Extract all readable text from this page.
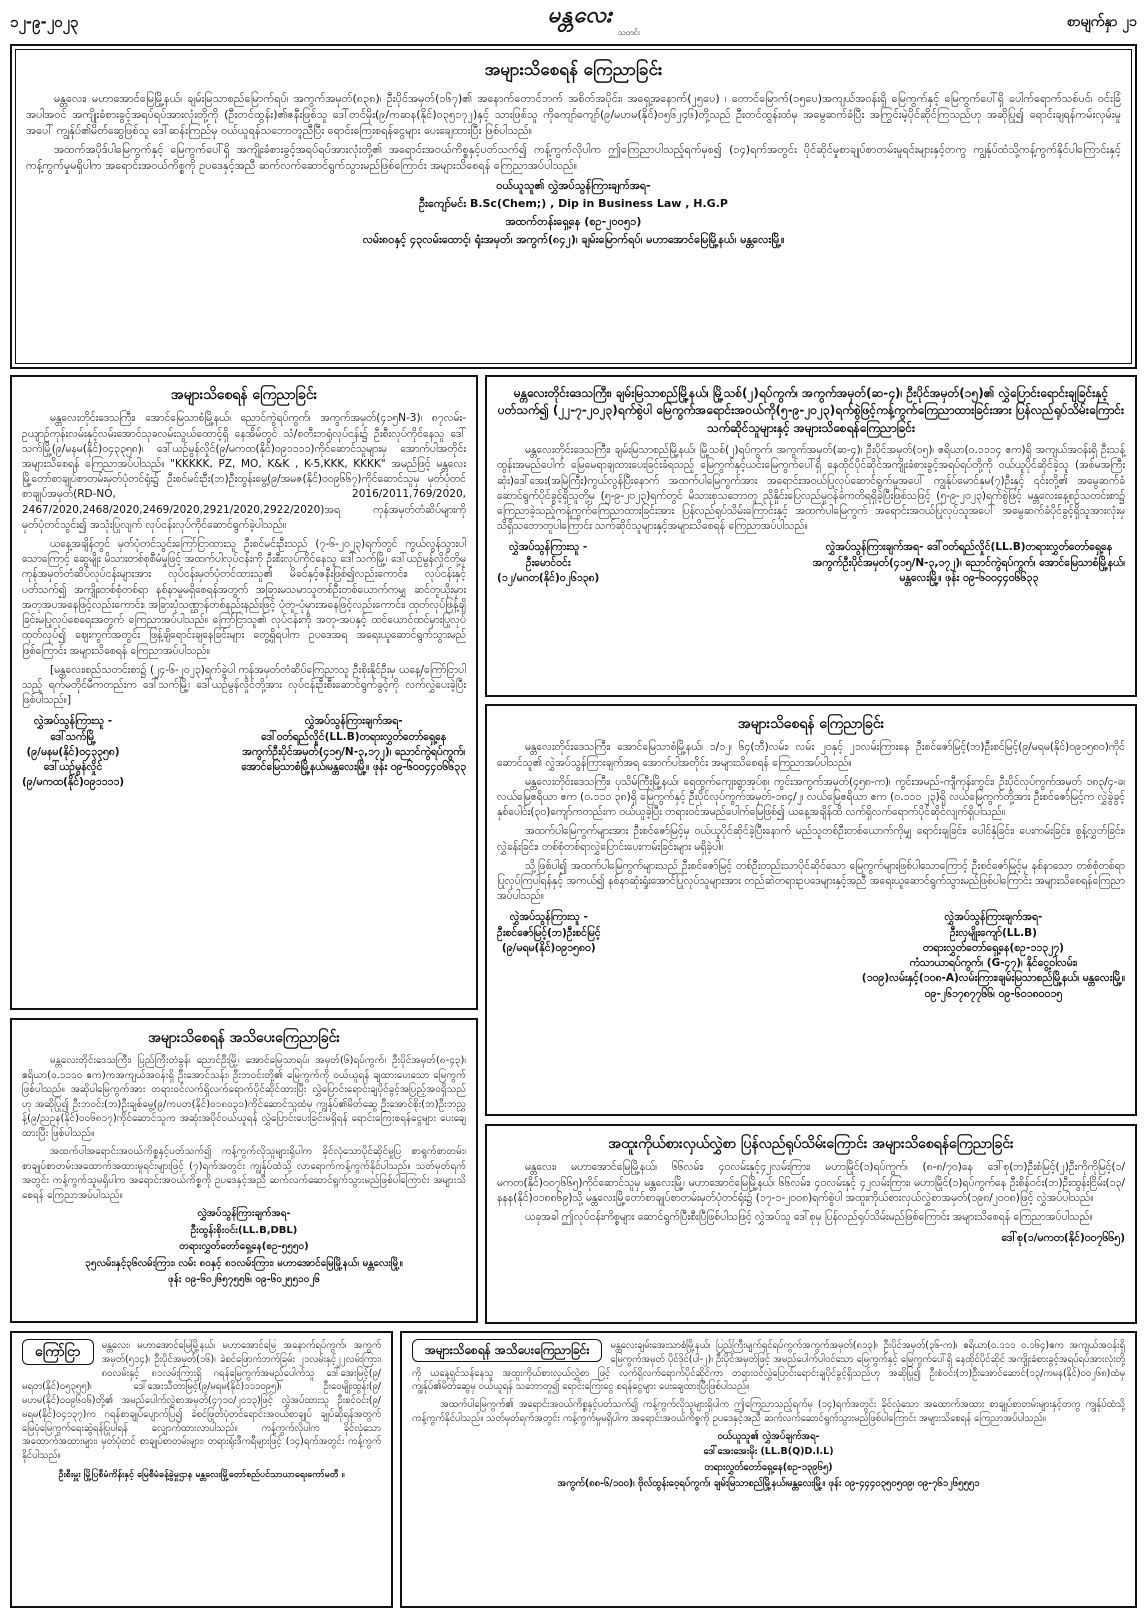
၁၂-၉-၂၀၂၃	မန္တလေး
သတင်း
စာမျက်နှာ ၂၁
အများသိစေရန် ကြေညာခြင်း

မန္တလေး၊ မဟာအောင်မြေမြို့နယ်၊ ချမ်းမြသာစည်မြောက်ရပ်၊ အကွက်အမှတ်(၈၃၈)၊ ဦးပိုင်အမှတ်(၁၆၇)၏ အနောက်တောင်ဘက် အစိတ်အပိုင်း၊ အရှေ့အနောက်(၂၅ပေ) ၊ တောင်မြောက်(၁၅ပေ)အကျယ်အဝန်းရှိ မြေကွက်နှင့် မြေကွက်ပေါ်ရှိ ပေါက်ရောက်သစ်ပင်၊ ဝင်းခြံအပါအဝင် အကျိုးခံစားခွင့်အရပ်ရပ်အားလုံးတို့ကို (ဦးတင်ထွန်း)၏ဇနီးဖြစ်သူ ဒေါ်တင်မိုး(၉/ကဆန(နိုင်)၀၃၅၁၇၂)နှင့် သားဖြစ်သူ ကိုကျော်ကျော်(၉/မဟမ(နိုင်)၀၅၆၂၄၆)တို့သည် ဦးတင်ထွန်းထံမှ အမွေဆက်ခံပြီး အကြွင်းမဲ့ပိုင်ဆိုင်ကြသည်ဟု အဆိုပြု၍ ရောင်းချရန်ကမ်းလှမ်းမှုအပေါ် ကျွန်ုပ်၏မိတ်ဆွေဖြစ်သူ ဒေါ်ဆန်းကြည်မှ ဝယ်ယူရန်သဘောတူညီပြီး ရောင်းကြေးစရန်ငွေများ ပေးချေထားပြီး ဖြစ်ပါသည်။

အထက်အပိုဒ်ပါမြေကွက်နှင့် မြေကွက်ပေါ်ရှိ အကျိုးခံစားခွင့်အရပ်ရပ်အားလုံးတို့၏ အရောင်းအဝယ်ကိစ္စနှင့်ပတ်သက်၍ ကန့်ကွက်လိုပါက ဤကြေညာပါသည့်ရက်မှစ၍ (၁၄)ရက်အတွင်း ပိုင်ဆိုင်မှုစာချုပ်စာတမ်းမူရင်းများနှင့်တကွ ကျွန်ုပ်ထံသို့ကန့်ကွက်နိုင်ပါကြောင်းနှင့် ကန့်ကွက်မှုမရှိပါက အရောင်းအဝယ်ကိစ္စကို ဥပဒေနှင့်အညီ ဆက်လက်ဆောင်ရွက်သွားမည်ဖြစ်ကြောင်း အများသိစေရန် ကြေညာအပ်ပါသည်။

ဝယ်ယူသူ၏ လွှဲအပ်သွန်ကြားချက်အရ-
ဦးကျော်မင်း B.Sc(Chem;) , Dip in Business Law , H.G.P
အထက်တန်းရှေ့နေ (စဥ-၂၀၀၅၁)
လမ်း၈၀နှင့် ၄၃လမ်းထောင့်၊ ရုံးအမှတ်၊ အကွက်(၈၄၂)၊ ချမ်းမြောက်ရပ်၊ မဟာအောင်မြေမြို့နယ်၊ မန္တလေးမြို့။
အများသိစေရန် ကြေညာခြင်း

မန္တလေးတိုင်းဒေသကြီး၊ အောင်မြေသာစံမြို့နယ်၊ ညောင်ကွဲရပ်ကွက်၊ အကွက်အမှတ်(၄၁၅N-3)၊ ၈၇လမ်း-ဥယျာဉ်ကုန်းလမ်းနှင့်လမ်းအောင်သုခလမ်းသွယ်ထောင့်ရှိ နေအိမ်တွင် သံ/စတီးဘရုံလုပ်ငန်း၌ ဦးစီးလုပ်ကိုင်နေသူ ဒေါ်သက်မြို့(၉/မနမ(နိုင်)၀၄၃၃၅၈)၊ ဒေါ်ယဉ်မွန်လှိုင်(၉/မကထ(နိုင်)၀၉၁၁၁၁)ကိုင်ဆောင်သူများမှ အောက်ပါအတိုင်းအများသိစေရန် ကြေညာအပ်ပါသည်။ "KKKKK, PZ, MO, K&K , K-5,KKK, KKKK" အမည်ဖြင့် မန္တလေးမြို့တော်စာချုပ်စာတမ်းမှတ်ပုံတင်ရုံး၌ ဦးစင်မင်းဦး(ဘ)ဦးထွန်းမွေ့(၉/အမဇ(နိုင်)၀၀၉၆၆၇)ကိုင်ဆောင်သူမှ မှတ်ပုံတင်စာချုပ်အမှတ်(RD-NO, 2016/2011,769/2020, 2467/2020,2468/2020,2469/2020,2921/2020,2922/2020)အရ ကုန်အမှတ်တံဆိပ်များကို မှတ်ပုံတင်သွင်း၍ အသုံးပြုလျက် လုပ်ငန်းလုပ်ကိုင်ဆောင်ရွက်ခဲ့ပါသည်။

ယနေ့အချိန်တွင် မှတ်ပုံတင်သွင်းကြော်ငြာထားသူ ဦးစင်မင်းဦးသည် (၇-၆-၂၀၂၃)ရက်တွင် ကွယ်လွန်သွားပါသောကြောင့် ဆွေမျိုး မိသားတစ်စုစီမံမှုဖြင့် အထက်ပါလုပ်ငန်းကို ဦးစီးလုပ်ကိုင်နေသူ ဒေါ်သက်မြို့၊ ဒေါ်ယဉ်မွန်လှိုင်တို့မှ ကုန်အမှတ်တံဆိပ်လုပ်ငန်းများအား လုပ်ငန်းမှတ်ပုံတင်ထားသူ၏ မိခင်နှင့်ဇနီးဖြစ်၍လည်းကောင်း၊ လုပ်ငန်းနှင့်ပတ်သက်၍ အကျိုးတစ်စုံတစ်ရာ နစ်နာမှုမရှိစေရန်အတွက် အခြားမသမာသူတစ်ဦးတစ်ယောက်ကမျှ ဆင်တူယိုးမှားအတုအပအနေဖြင့်လည်းကောင်း၊ အခြားပုံသဏ္ဌာန်တစ်နည်းနည်းဖြင့် ပုံတူ-ပုံမှားအနေဖြင့်လည်းကောင်း၊ ထုတ်လုပ်ဖြန့်ချိခြင်းမပြုလုပ်စေရေးအတွက် ကြေညာအပ်ပါသည်။ ကြော်ငြာသူ၏ လုပ်ငန်းကို အတု-အပနှင့် ထင်ယောင်ထင်မှားပြုလုပ်ထုတ်လုပ်၍ ဈေးကွက်အတွင်း ဖြန့်ချိရောင်းချနေခြင်းများ တွေ့ရှိရပါက ဥပဒေအရ အရေးယူဆောင်ရွက်သွားမည်ဖြစ်ကြောင်း အများသိစေရန် ကြေညာအပ်ပါသည်။

[မန္တလေး၊စည်သတင်းစာ၌ (၂၄-၆-၂၀၂၃)ရက်ခွဲပါ ကုန်အမှတ်တံဆိပ်ကြေညာသူ ဦးစိုးနိုင်ဦးမှ ယနေ့/ကြော်ငြာပါသည့် ရက်မတိုင်မီကတည်းက ဒေါ်သက်မြို့၊ ဒေါ်ယဉ်မွန်လှိုင်တို့အား လုပ်ငန်းဦးစီးဆောင်ရွက်ခွင့်ကို လက်လွှဲပေးခဲ့ပြီး ဖြစ်ပါသည်။]

လွှဲအပ်သွန်ကြားသူ -
ဒေါ်သက်မြို့
(၉/မနမ(နိုင်)၀၄၃၃၅၈)
ဒေါ်ယဉ်မွန်လှိုင်
(၉/မကထ(နိုင်)၀၉၁၁၁၁)
လွှဲအပ်သွန်ကြားချက်အရ-
ဒေါ်ဝတ်ရည်လှိုင်(LL.B)တရားလွှတ်တော်ရှေ့နေ
အကွက်ဦးပိုင်အမှတ်(၄၁၅/N-၃,၁၇၂)၊ ညောင်ကွဲရပ်ကွက်၊
အောင်မြေသာစံမြို့နယ်၊မန္တလေးမြို့။ ဖုန်း ၀၉-၆၀၀၄၄၀၆၆၃၃
အများသိစေရန် အသိပေးကြေညာခြင်း

မန္တလေးတိုင်းဒေသကြီး၊ ပြည်ကြီးတံခွန်၊ ညောင်ဦးမြို့၊ အောင်မြေသာရပ်၊ အမှတ်(၆)ရပ်ကွက်၊ ဦးပိုင်အမှတ်(၈-၄၃)၊ ဧရိယာ(၀.၁၁၁၀ ဧက)ကအကျယ်အဝန်းရှိ ဦးအောင်သန်း၊ ဦးဘဝင်းတို့၏ မြေကွက်ကို ဝယ်ယူရန် ချထားပေးသော မြေကွက်ဖြစ်ပါသည်။ အဆိုပါမြေကွက်အား တရားဝင်လက်ရှိလက်ရောက်ပိုင်ဆိုင်ထားပြီး လွှဲပြောင်းရောင်းချပိုင်ခွင့်အပြည့်အဝရှိသည်ဟု အဆိုပြု၍ ဦးဘဝင်း(ဘ)ဦးချစ်မွေ့(၉/ကပတ(နိုင်)၀၁၈၀၃၁)ကိုင်ဆောင်သူထံမှ ကျွန်ုပ်၏မိတ်ဆွေ ဦးအောင်စိုး(ဘ)ဦးဘညွှန့်(၉/ညဥန(နိုင်)၀၀၆၈၁၇)ကိုင်ဆောင်သူက အဆုံးအပိုင်ဝယ်ယူရန် လွှဲပြောင်းပေးခြင်းမရှိရန် ရောင်းကြေးစရန်ငွေများ ပေးချေထားပြီး ဖြစ်ပါသည်။

အထက်ပါအရောင်းအဝယ်ကိစ္စနှင့်ပတ်သက်၍ ကန့်ကွက်လိုသူများရှိပါက ခိုင်လုံသောပိုင်ဆိုင်မှုပြ စာရွက်စာတမ်း၊ စာချုပ်စာတမ်းအထောက်အထားမူရင်းများဖြင့် (၇)ရက်အတွင်း ကျွန်ုပ်ထံသို့ လာရောက်ကန့်ကွက်နိုင်ပါသည်။ သတ်မှတ်ရက်အတွင်း ကန့်ကွက်သူမရှိပါက အရောင်းအဝယ်ကိစ္စကို ဥပဒေနှင့်အညီ ဆက်လက်ဆောင်ရွက်သွားမည်ဖြစ်ပါကြောင်း အများသိစေရန် ကြေညာအပ်ပါသည်။

လွှဲအပ်သွန်ကြားချက်အရ-
ဦးထွန်းစိုးဝင်း(LL.B,DBL)
တရားလွှတ်တော်ရှေ့နေ(စဥ-၅၅၅၀)
၃၅လမ်း၊နှင့်၃၆လမ်းကြား၊ လမ်း ၈၀နှင့် ၈၁လမ်းကြား၊ မဟာအောင်မြေမြို့နယ်၊ မန္တလေးမြို့။
ဖုန်း ၀၉-၆၀၂၆၅၇၅၅၆၊ ၀၉-၆၀၂၅၅၁၀၂၆
မန္တလေးတိုင်းဒေသကြီး၊ ချမ်းမြသာစည်မြို့နယ်၊ မြို့သစ်(၂)ရပ်ကွက်၊ အကွက်အမှတ်(ဆ-၄)၊ ဦးပိုင်အမှတ်(၁၅)၏ လွှဲပြောင်းရောင်းချခြင်းနှင့် ပတ်သက်၍ (၂၂-၇-၂၀၂၃)ရက်စွဲပါ မြေကွက်အရောင်းအဝယ်ကို(၅-၉-၂၀၂၃)ရက်စွဲဖြင့်ကန့်ကွက်ကြေညာထားခြင်းအား ပြန်လည်ရုပ်သိမ်းကြောင်း သက်ဆိုင်သူများနှင့် အများသိစေရန်ကြေညာခြင်း

မန္တလေးတိုင်းဒေသကြီး၊ ချမ်းမြသာစည်မြို့နယ်၊ မြို့သစ်(၂)ရပ်ကွက်၊ အကွက်အမှတ်(ဆ-၄)၊ ဦးပိုင်အမှတ်(၁၅)၊ ဧရိယာ(၀.၁၁၁၄ ဧက)ရှိ အကျယ်အဝန်းရှိ ဦးသန့်ထွန်းအမည်ပေါက် မြေမေရာချထားပေးခြင်းခံရသည့် မြေကွက်နှင့်ယင်းမြေကွက်ပေါ်ရှိ နေထိုင်ပိုင်ဆိုင်အကျိုးခံစားခွင့်အရပ်ရပ်တို့ကို ဝယ်ယူပိုင်ဆိုင်ခဲ့သူ (အစ်မအကြီးဆုံး)ဒေါ်အေး(အမြဲကြီး)ကွယ်လွန်ပြီးနောက် အထက်ပါမြေကွက်အား အရောင်းအဝယ်ပြုလုပ်ဆောင်ရွက်မှုအပေါ် ကျွန်ုပ်မောင်နှမ(၇)ဦးနှင့် ၎င်းတို့၏ အမွေဆက်ခံဆောင်ရွက်ပိုင်ခွင့်ရှိသူတို့မှ (၅-၉-၂၀၂၃)ရက်တွင် မိသားစုသဘောတူ ညှိနှိုင်းပြေလည်မှုဝန်ခံကတိရရှိခဲ့ပြီးဖြစ်သဖြင့် (၅-၉-၂၀၂၃)ရက်စွဲဖြင့် မန္တလေးနေ့စဉ်သတင်းစာ၌ ကြေညာခဲ့သည့်ကန့်ကွက်ကြေညာထားခြင်းအား ပြန်လည်ရုပ်သိမ်းကြောင်းနှင့် အထက်ပါမြေကွက် အရောင်းအဝယ်ပြုလုပ်သူအပေါ် အမွေဆက်ခံပိုင်ခွင့်ရှိသူအားလုံးမှ သိရှိသဘောတူပါကြောင်း သက်ဆိုင်သူများနှင့်အများသိစေရန် ကြေညာအပ်ပါသည်။

လွှဲအပ်သွန်ကြားသူ -
ဦးမောင်ဝင်း
(၁၂/မဂတ(နိုင်)၀၂၆၁၃၈)
လွှဲအပ်သွန်ကြားချက်အရ- ဒေါ်ဝတ်ရည်လှိုင်(LL.B)တရားလွှတ်တော်ရှေ့နေ
အကွက်ဦးပိုင်အမှတ်(၄၁၅/N-၃,၁၇၂)၊ ညောင်ကွဲရပ်ကွက်၊ အောင်မြေသာစံမြို့နယ်၊
မန္တလေးမြို့။ ဖုန်း ၀၉-၆၀၀၄၄၀၆၆၃၃
အများသိစေရန် ကြေညာခြင်း

မန္တလေးတိုင်းဒေသကြီး၊ အောင်မြေသာစံမြို့နယ်၊ ၁/၁၂၊ ၆၄(ဘီ)လမ်း၊ လမ်း ၂၀နှင့် ၂၁လမ်းကြားနေ ဦးစင်ဇော်မြင့်(ဘ)ဦးစင်မြင့်(၉/မရမ(နိုင်)၀၉၁၅၈၀)ကိုင်ဆောင်သူ၏ လွှဲအပ်သွန်ကြားချက်အရ အောက်ပါအတိုင်း အများသိစေရန် ကြေညာအပ်ပါသည်။

မန္တလေးတိုင်းဒေသကြီး၊ ပုသိမ်ကြီးမြို့နယ်၊ ရေထွက်ကျေးရွာအုပ်စု၊ ကွင်းအကွက်အမှတ်(၄၅၈-က)၊ ကွင်းအမည်-ကျီကုန်းကွင်း၊ ဦးပိုင်လုပ်ကွက်အမှတ် ၁၈၃/၄-ခ၊ လယ်မြေဧရိယာ ဧက (၀.၁၁၁ ၃၈)ရှိ မြေကွက်နှင့် ဦးပိုင်လုပ်ကွက်အမှတ်-၁၈၄/၂၊ လယ်မြေဧရိယာ ဧက (၀.၁၁၁ ၂၃)ရှိ လယ်မြေကွက်တို့အား ဦးစင်ဇော်မြင့်က လွှဲခွဲခွင့် နှစ်ပေါင်း(၃၀)ကျော်ကတည်းက ဝယ်ယူခဲ့ပြီး တရားဝင်အမည်ပေါက်မြေဖြစ်၍ ယနေ့အချိန်ထိ လက်ရှိလက်ရောက်ပိုင်ဆိုင်လျက်ရှိပါသည်။

အထက်ပါမြေကွက်များအား ဦးစင်ဇော်မြင့်မှ ဝယ်ယူပိုင်ဆိုင်ခဲ့ပြီးနောက် မည်သူတစ်ဦးတစ်ယောက်ကိုမျှ ရောင်းချခြင်း၊ ပေါင်နှံခြင်း၊ ပေးကမ်းခြင်း၊ စွန့်လွှတ်ခြင်း၊ လွှဲခန်းခြင်း၊ တစ်စုံတစ်ရာလွှဲပြောင်းပေးကမ်းခြင်းများ မရှိခဲ့ပါ။

သို့ဖြစ်ပါ၍ အထက်ပါမြေကွက်များသည် ဦးစင်ဇော်မြင့် တစ်ဦးတည်းသာပိုင်ဆိုင်သော မြေကွက်များဖြစ်ပါသောကြောင့် ဦးစင်ဇော်မြင့်မှ နစ်နာသော တစ်စုံတစ်ရာပြုလုပ်ကြပါရန်နှင့် အကယ်၍ နစ်နာဆုံးရှုံးအောင်ပြုလုပ်သူများအား တည်ဆဲတရားဥပဒေများနှင့်အညီ အရေးယူဆောင်ရွက်သွားမည်ဖြစ်ပါကြောင်း အများသိစေရန်ကြေညာအပ်ပါသည်။

လွှဲအပ်သွန်ကြားသူ -
ဦးစင်ဇော်မြင့်(ဘ)ဦးစင်မြင့်
(၉/မရမ(နိုင်)၀၉၁၅၈၀)
လွှဲအပ်သွန်ကြားချက်အရ-
ဦးလှမျိုးကျော်(LL.B)
တရားလွှတ်တော်ရှေ့နေ(စဥ-၁၁၃၂၇)
ကံသာယာရပ်ကွက်၊ (G-၄၇)၊ နိုင်ငွေ့ဝါလမ်း၊
(၁၀၉)လမ်းနှင့်(၁၀၈-A)လမ်းကြား၊ချမ်းမြသာစည်မြို့နယ်၊ မန္တလေးမြို့။
၀၉-၂၆၁၇၈၇၇၆၆၊ ၀၉-၆၀၁၈၀၀၁၅
အထူးကိုယ်စားလှယ်လွှဲစာ ပြန်လည်ရုပ်သိမ်းကြောင်း အများသိစေရန်ကြေညာခြင်း

မန္တလေး၊ မဟာအောင်မြေမြို့နယ်၊ ၆၆လမ်း၊ ၄၀လမ်းနှင့်၄၂လမ်းကြား၊ မဟာမြိုင်(၁)ရပ်ကွက်၊ (၈-၈/၇၀)နေ ဒေါ်စု(ဘ)ဦးစံမြင့်(၂)ဦးကိုကိုမြင့်(၁/မကတ(နိုင်)၀၀၇၆၆၅)ကိုင်ဆောင်သူမှ မန္တလေးမြို့၊ မဟာအောင်မြေမြို့နယ်၊ ၆၆လမ်း၊ ၄၀လမ်းနှင့် ၄၂လမ်းကြား၊ မဟာမြိုင်(၁)ရပ်ကွက်နေ ဦးစိန်ဝင်း(ဘ)ဦးထွန်းငြိမ်း(၁၃/နနန(နိုင်)၀၁၈၈၆၉)သို့ မန္တလေးမြို့တော်စာချုပ်စာတမ်းမှတ်ပုံတင်ရုံး၌ (၁၇-၁-၂၀၀၈)ရက်စွဲပါ အထူးကိုယ်စားလှယ်လွှဲစာအမှတ်(၁၉၈/၂၀၀၈)ဖြင့် လွှဲအပ်ပါသည်။

ယခုအခါ ဤလုပ်ငန်းကိစ္စများ ဆောင်ရွက်ပြီးစီးပြီဖြစ်ပါသဖြင့် လွှဲအပ်သူ ဒေါ်စုမှ ပြန်လည်ရုပ်သိမ်းမည်ဖြစ်ကြောင်း အများသိစေရန် ကြေညာအပ်ပါသည်။

ဒေါ်စု(၁/မကတ(နိုင်)၀၀၇၆၆၅)
ကြော်ငြာ	မန္တလေး၊ မဟာအောင်မြေမြို့နယ်၊ မဟာအောင်မြေ အနောက်ရပ်ကွက်၊ အကွက်အမှတ်(၅၁၄)၊ ဦးပိုင်အမှတ်(၁၆)၊ ခဲစင်ဖြောက်ဘက်ခြမ်း ၂၁လမ်းနှင့်၂၂လမ်းကြား၊ ၈၀လမ်းနှင့် ၈၁လမ်းကြားရှိ ဂရန်မြေကွက်အမည်ပေါက်သူ ဒေါ်အေးမြင့်(၉/မရတ(နိုင်)၀၅၃၅၅)၊ ဒေါ်အေးသီတာမြင့်(၉/မရမ(နိုင်)၁၁၁၀၉၅)၊ ဦးဝေမျိုးထွန်း(၉/မဟမ(နိုင်)၀၀၉၆၀၆)တို့၏ အမည်ပေါက်လွှဲစာအမှတ်(၄၇၁၀/၂၀၁၃)ဖြင့် လွှဲအပ်ထားသူ ဦးစင်ဝင်း(၉/မရမ(နိုင်)၀၄၁၃၇)က ဂရန်စာချုပ်ပျောက်ပြ၍ ခဲစင်ဖြုတ်ပုံတင်ရောင်းအဝယ်စာချုပ် ချုပ်ဆိုရန်အတွက် မြေပုံမြေကွက်ရေးဆွဲရန်ပြုပါရန် လျှောက်ထားလာပါသည်။ ကန့်ကွက်လိုပါက ခိုင်လုံသော အထောက်အထားများ၊ မှတ်ပုံတင် စာချုပ်စာတမ်းများ၊ တရားရုံးဒီကရီများဖြင့် (၁၄)ရက်အတွင်း ကန့်ကွက်နိုင်ပါသည်။

ဦးစီးမှူး မြို့ပြစီမံကိန်းနှင့် မြေစီမံခန့်ခွဲမှုဌာန မန္တလေးမြို့တော်စည်ပင်သာယာရေးကော်မတီ ။
အများသိစေရန် အသိပေးကြေညာခြင်း	မန္တလေးချမ်းအေးသာစံမြို့နယ်၊ ပြည်ကြီးမျက်ရှင်ရပ်ကွက်အကွက်အမှတ်(၈၁၃)၊ ဦးပိုင်အမှတ်(၃၆-က)၊ ဧရိယာ(၀.၁၁၁ ၀.၁၆၄)ဧက အကျယ်အဝန်းရှိ မြေကွက်အမှတ် ပိုင်ဒိုင်(ပါ-၂)၊ ဦးပိုင်အမှတ်ဖြင့် အမည်ပေါက်ပါဝင်သော မြေကွက်နှင့် မြေကွက်ပေါ်ရှိ နေထိုင်ပိုင်ဆိုင် အကျိုးခံစားခွင့်အရပ်ရပ်အားလုံးတို့ကို ယနေ့ရှင်သန်နေသူ အထူးကိုယ်စားလှယ်လွှဲစာ ဖြင့် လက်ရှိလက်ရောက်ပိုင်ဆိုင်ကာ တရားဝင်လွှဲပြောင်းရောင်းချပိုင်ခွင့်ရှိသည်ဟု အဆိုပြု၍ ဦးစံဝင်း(ဘ)ဦးအောင်ဆောင်(၁၃/ကမန(နိုင်)၀၀၂၆၈)ထံမှ ကျွန်ုပ်၏မိတ်ဆွေမှ ဝယ်ယူရန် သဘောတူ၍ ရောင်းကြေးငွေ စရန်ငွေများ ပေးချေထားပြီးဖြစ်ပါသည်။

အထက်ပါမြေကွက်၏ အရောင်းအဝယ်ကိစ္စနှင့်ပတ်သက်၍ ကန့်ကွက်လိုသူများရှိပါက ဤကြေညာသည့်ရက်မှ (၁၄)ရက်အတွင်း ခိုင်လုံသော အထောက်အထား စာချုပ်စာတမ်းများနှင့်တကွ ကျွန်ုပ်ထံသို့ ကန့်ကွက်နိုင်ပါသည်။ သတ်မှတ်ရက်အတွင်း ကန့်ကွက်မှုမရှိပါက အရောင်းအဝယ်ကိစ္စကို ဥပဒေနှင့်အညီ ဆက်လက်ဆောင်ရွက်သွားမည်ဖြစ်ပါကြောင်း အများသိစေရန် ကြေညာအပ်ပါသည်။

ဝယ်ယူသူ၏ လွှဲအပ်ချက်အရ-
ဒေါ်အေးအေးမိုး (LL.B(Q)D.I.L)
တရားလွှတ်တော်ရှေ့နေ(စဥ-၁၃၉၆၅)
အကွက်(၈၈-၆/၁၀၀)၊ ဗိုလ်ထွန်းဝေ့ရပ်ကွက်၊ ချမ်းမြသာစည်မြို့နယ်၊မန္တလေးမြို့။ ဖုန်း ၀၉-၄၄၄၀၃၅၀၅၀၉၊ ၀၉-၇၆၁၂၆၅၅၅၁
